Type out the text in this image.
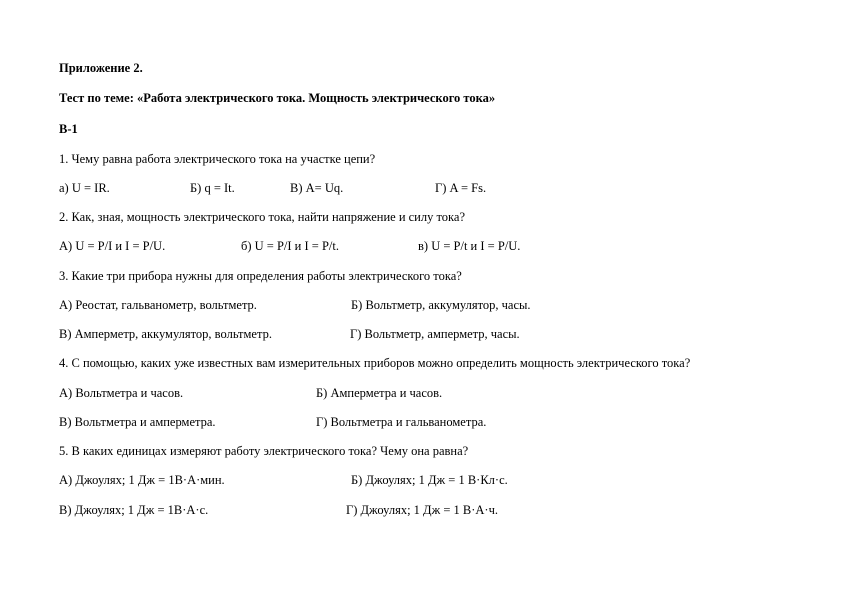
Приложение 2.
Тест по теме: «Работа электрического тока. Мощность электрического тока»
В-1
1. Чему равна работа электрического тока на участке цепи?
а) U = IR.	Б) q = It.	В) A= Uq.	Г) A = Fs.
2. Как, зная, мощность электрического тока, найти напряжение и силу тока?
А) U = P/I и I = P/U.	б) U = P/I и I = P/t.	в) U = P/t и I = P/U.
3. Какие три прибора нужны для определения работы электрического тока?
А) Реостат, гальванометр, вольтметр.	Б) Вольтметр, аккумулятор, часы.
В) Амперметр, аккумулятор, вольтметр.	Г) Вольтметр, амперметр, часы.
4. С помощью, каких уже известных вам измерительных приборов можно определить мощность электрического тока?
А) Вольтметра и часов.	Б) Амперметра и часов.
В) Вольтметра и амперметра.	Г) Вольтметра и гальванометра.
5. В каких единицах измеряют работу электрического тока? Чему она равна?
А) Джоулях; 1 Дж = 1В·А·мин.	Б) Джоулях; 1 Дж = 1 В·Кл·с.
В) Джоулях; 1 Дж = 1В·А·с.	Г) Джоулях; 1 Дж = 1 В·А·ч.
